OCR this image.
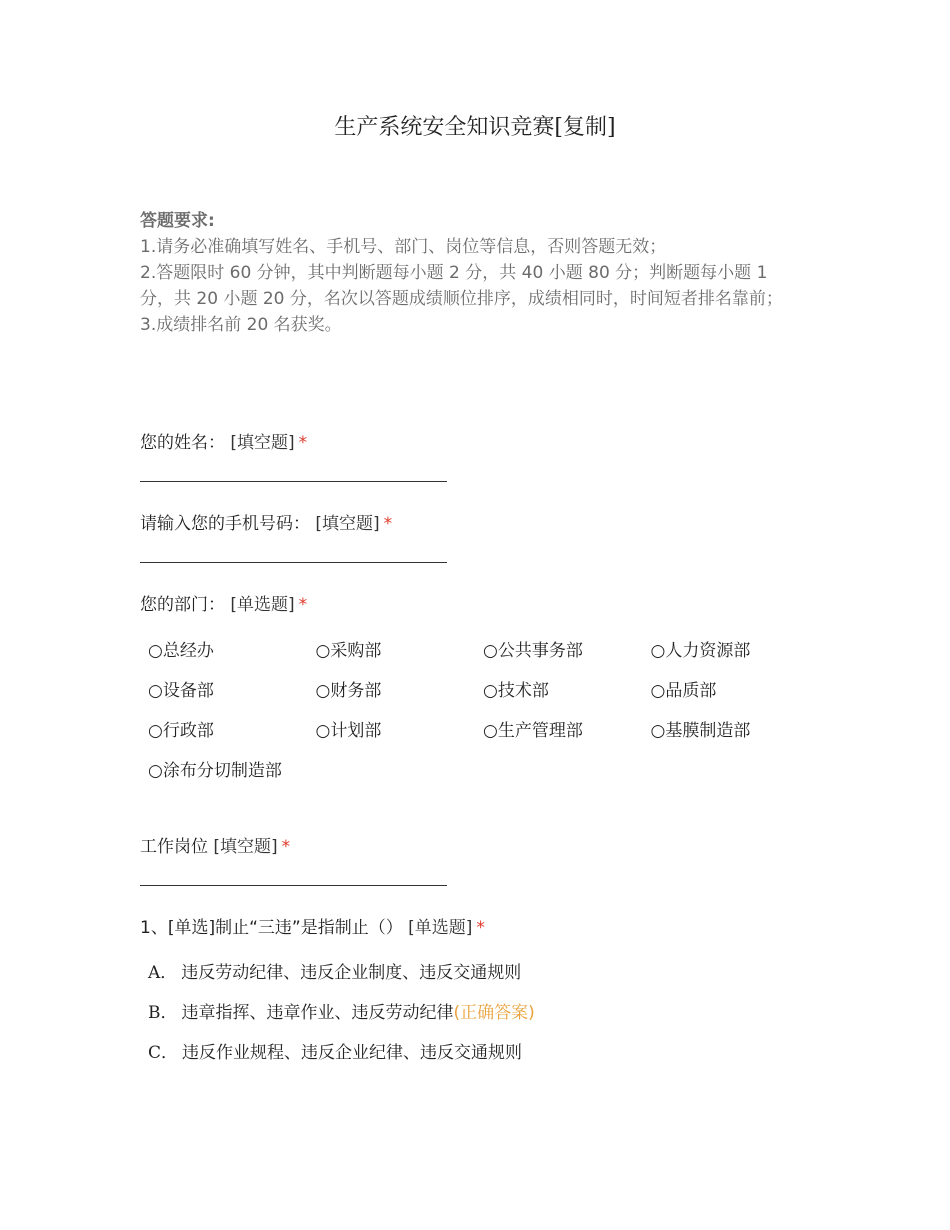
生产系统安全知识竞赛[复制]
答题要求:
1.请务必准确填写姓名、手机号、部门、岗位等信息，否则答题无效；
2.答题限时 60 分钟，其中判断题每小题 2 分，共 40 小题 80 分；判断题每小题 1 分，共 20 小题 20 分，名次以答题成绩顺位排序，成绩相同时，时间短者排名靠前；
3.成绩排名前 20 名获奖。
您的姓名： [填空题] *
请输入您的手机号码： [填空题] *
您的部门： [单选题] *
○总经办	○采购部	○公共事务部	○人力资源部
○设备部	○财务部	○技术部	○品质部
○行政部	○计划部	○生产管理部	○基膜制造部
○涂布分切制造部
工作岗位 [填空题] *
1、[单选]制止“三违”是指制止（） [单选题] *
A． 违反劳动纪律、违反企业制度、违反交通规则
B． 违章指挥、违章作业、违反劳动纪律(正确答案)
C． 违反作业规程、违反企业纪律、违反交通规则
